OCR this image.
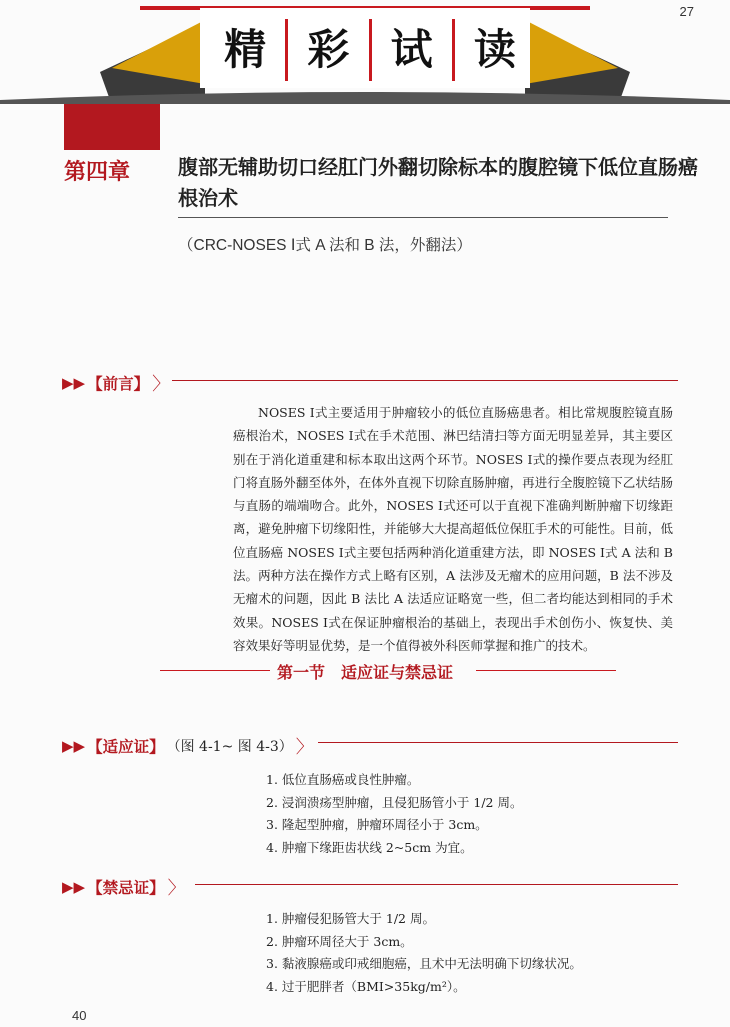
精 彩 试 读
27
第四章 腹部无辅助切口经肛门外翻切除标本的腹腔镜下低位直肠癌根治术
（CRC-NOSES Ⅰ式 A 法和 B 法，外翻法）
▶▶ 【前言】 〉

NOSES Ⅰ式主要适用于肿瘤较小的低位直肠癌患者。相比常规腹腔镜直肠癌根治术，NOSES Ⅰ式在手术范围、淋巴结清扫等方面无明显差异，其主要区别在于消化道重建和标本取出这两个环节。NOSES Ⅰ式的操作要点表现为经肛门将直肠外翻至体外，在体外直视下切除直肠肿瘤，再进行全腹腔镜下乙状结肠与直肠的端端吻合。此外，NOSES Ⅰ式还可以于直视下准确判断肿瘤下切缘距离，避免肿瘤下切缘阳性，并能够大大提高超低位保肛手术的可能性。目前，低位直肠癌 NOSES Ⅰ式主要包括两种消化道重建方法，即 NOSES Ⅰ式 A 法和 B 法。两种方法在操作方式上略有区别，A 法涉及无瘤术的应用问题，B 法不涉及无瘤术的问题，因此 B 法比 A 法适应证略宽一些，但二者均能达到相同的手术效果。NOSES Ⅰ式在保证肿瘤根治的基础上，表现出手术创伤小、恢复快、美容效果好等明显优势，是一个值得被外科医师掌握和推广的技术。

第一节　适应证与禁忌证
▶▶ 【适应证】 （图 4-1~ 图 4-3） 〉
1. 低位直肠癌或良性肿瘤。
2. 浸润溃疡型肿瘤，且侵犯肠管小于 1/2 周。
3. 隆起型肿瘤，肿瘤环周径小于 3cm。
4. 肿瘤下缘距齿状线 2~5cm 为宜。
▶▶ 【禁忌证】 〉
1. 肿瘤侵犯肠管大于 1/2 周。
2. 肿瘤环周径大于 3cm。
3. 黏液腺癌或印戒细胞癌，且术中无法明确下切缘状况。
4. 过于肥胖者（BMI>35kg/m²）。
40
